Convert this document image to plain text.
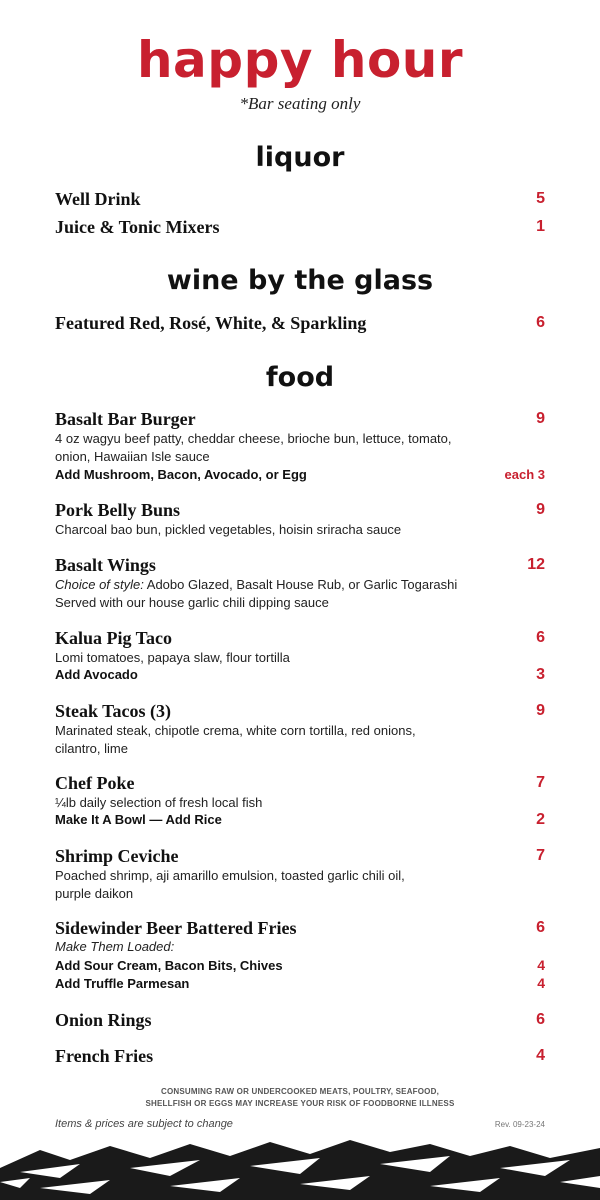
happy hour
*Bar seating only
liquor
Well Drink	5
Juice & Tonic Mixers	1
wine by the glass
Featured Red, Rosé, White, & Sparkling	6
food
Basalt Bar Burger	9
4 oz wagyu beef patty, cheddar cheese, brioche bun, lettuce, tomato,
onion, Hawaiian Isle sauce
Add Mushroom, Bacon, Avocado, or Egg	each 3
Pork Belly Buns	9
Charcoal bao bun, pickled vegetables, hoisin sriracha sauce
Basalt Wings	12
Choice of style: Adobo Glazed, Basalt House Rub, or Garlic Togarashi
Served with our house garlic chili dipping sauce
Kalua Pig Taco	6
Lomi tomatoes, papaya slaw, flour tortilla
Add Avocado	3
Steak Tacos (3)	9
Marinated steak, chipotle crema, white corn tortilla, red onions,
cilantro, lime
Chef Poke	7
¼lb daily selection of fresh local fish
Make It A Bowl — Add Rice	2
Shrimp Ceviche	7
Poached shrimp, aji amarillo emulsion, toasted garlic chili oil,
purple daikon
Sidewinder Beer Battered Fries	6
Make Them Loaded:
Add Sour Cream, Bacon Bits, Chives	4
Add Truffle Parmesan	4
Onion Rings	6
French Fries	4
CONSUMING RAW OR UNDERCOOKED MEATS, POULTRY, SEAFOOD,
SHELLFISH OR EGGS MAY INCREASE YOUR RISK OF FOODBORNE ILLNESS
Items & prices are subject to change	Rev. 09-23-24
